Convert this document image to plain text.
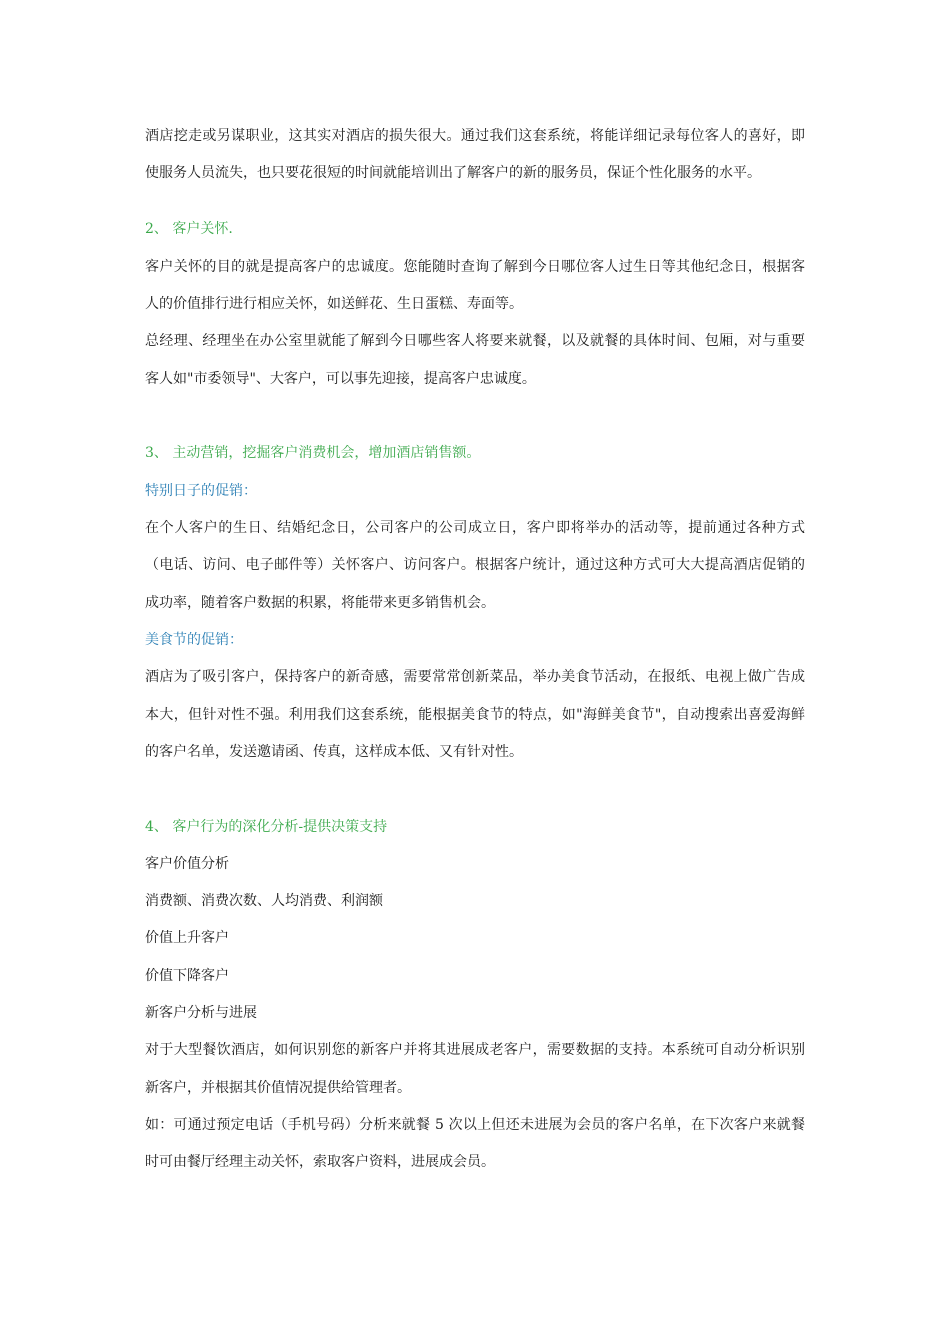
酒店挖走或另谋职业，这其实对酒店的损失很大。通过我们这套系统，将能详细记录每位客人的喜好，即
使服务人员流失，也只要花很短的时间就能培训出了解客户的新的服务员，保证个性化服务的水平。
2、 客户关怀.
客户关怀的目的就是提高客户的忠诚度。您能随时查询了解到今日哪位客人过生日等其他纪念日，根据客
人的价值排行进行相应关怀，如送鲜花、生日蛋糕、寿面等。
总经理、经理坐在办公室里就能了解到今日哪些客人将要来就餐，以及就餐的具体时间、包厢，对与重要
客人如"市委领导"、大客户，可以事先迎接，提高客户忠诚度。
3、 主动营销，挖掘客户消费机会，增加酒店销售额。
特别日子的促销：
在个人客户的生日、结婚纪念日，公司客户的公司成立日，客户即将举办的活动等，提前通过各种方式
（电话、访问、电子邮件等）关怀客户、访问客户。根据客户统计，通过这种方式可大大提高酒店促销的
成功率，随着客户数据的积累，将能带来更多销售机会。
美食节的促销：
酒店为了吸引客户，保持客户的新奇感，需要常常创新菜品，举办美食节活动，在报纸、电视上做广告成
本大，但针对性不强。利用我们这套系统，能根据美食节的特点，如"海鲜美食节"，自动搜索出喜爱海鲜
的客户名单，发送邀请函、传真，这样成本低、又有针对性。
4、 客户行为的深化分析-提供决策支持
客户价值分析
消费额、消费次数、人均消费、利润额
价值上升客户
价值下降客户
新客户分析与进展
对于大型餐饮酒店，如何识别您的新客户并将其进展成老客户，需要数据的支持。本系统可自动分析识别
新客户，并根据其价值情况提供给管理者。
如：可通过预定电话（手机号码）分析来就餐 5 次以上但还未进展为会员的客户名单，在下次客户来就餐
时可由餐厅经理主动关怀，索取客户资料，进展成会员。
